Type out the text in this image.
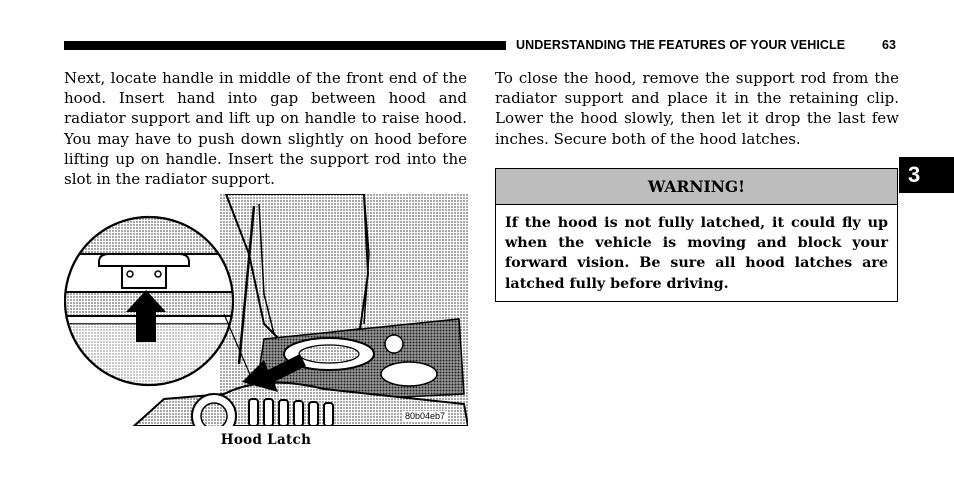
UNDERSTANDING THE FEATURES OF YOUR VEHICLE	63

Next, locate handle in middle of the front end of the hood. Insert hand into gap between hood and radiator support and lift up on handle to raise hood. You may have to push down slightly on hood before lifting up on handle. Insert the support rod into the slot in the radiator support.

To close the hood, remove the support rod from the radiator support and place it in the retaining clip. Lower the hood slowly, then let it drop the last few inches. Secure both of the hood latches.

3
WARNING!
If the hood is not fully latched, it could fly up when the vehicle is moving and block your forward vision. Be sure all hood latches are latched fully before driving.
80b04eb7
Hood Latch
